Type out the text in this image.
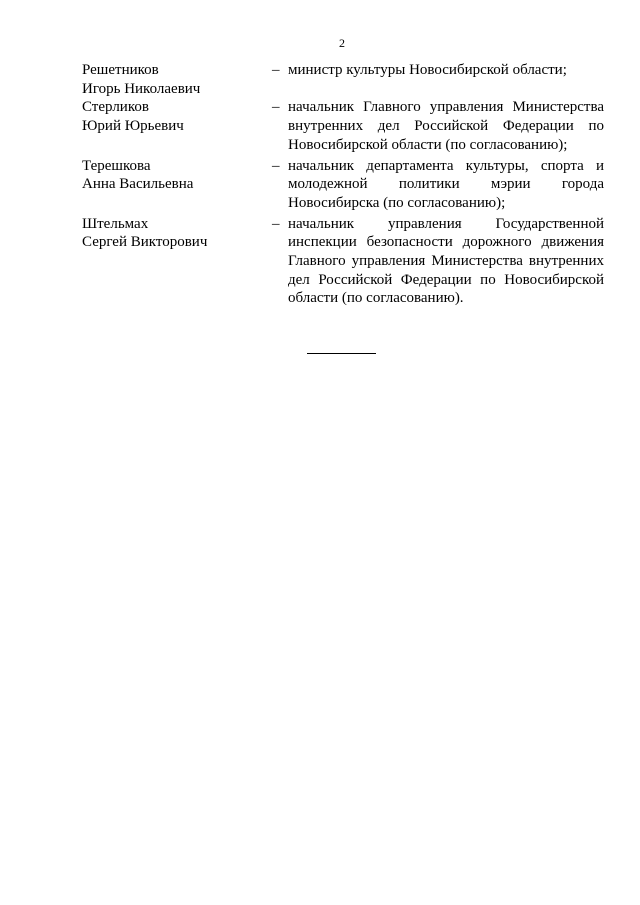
2
Решетников
Игорь Николаевич
– министр культуры Новосибирской области;
Стерликов
Юрий Юрьевич
– начальник Главного управления Министерства внутренних дел Российской Федерации по Новосибирской области (по согласованию);
Терешкова
Анна Васильевна
– начальник департамента культуры, спорта и молодежной политики мэрии города Новосибирска (по согласованию);
Штельмах
Сергей Викторович
– начальник управления Государственной инспекции безопасности дорожного движения Главного управления Министерства внутренних дел Российской Федерации по Новосибирской области (по согласованию).
